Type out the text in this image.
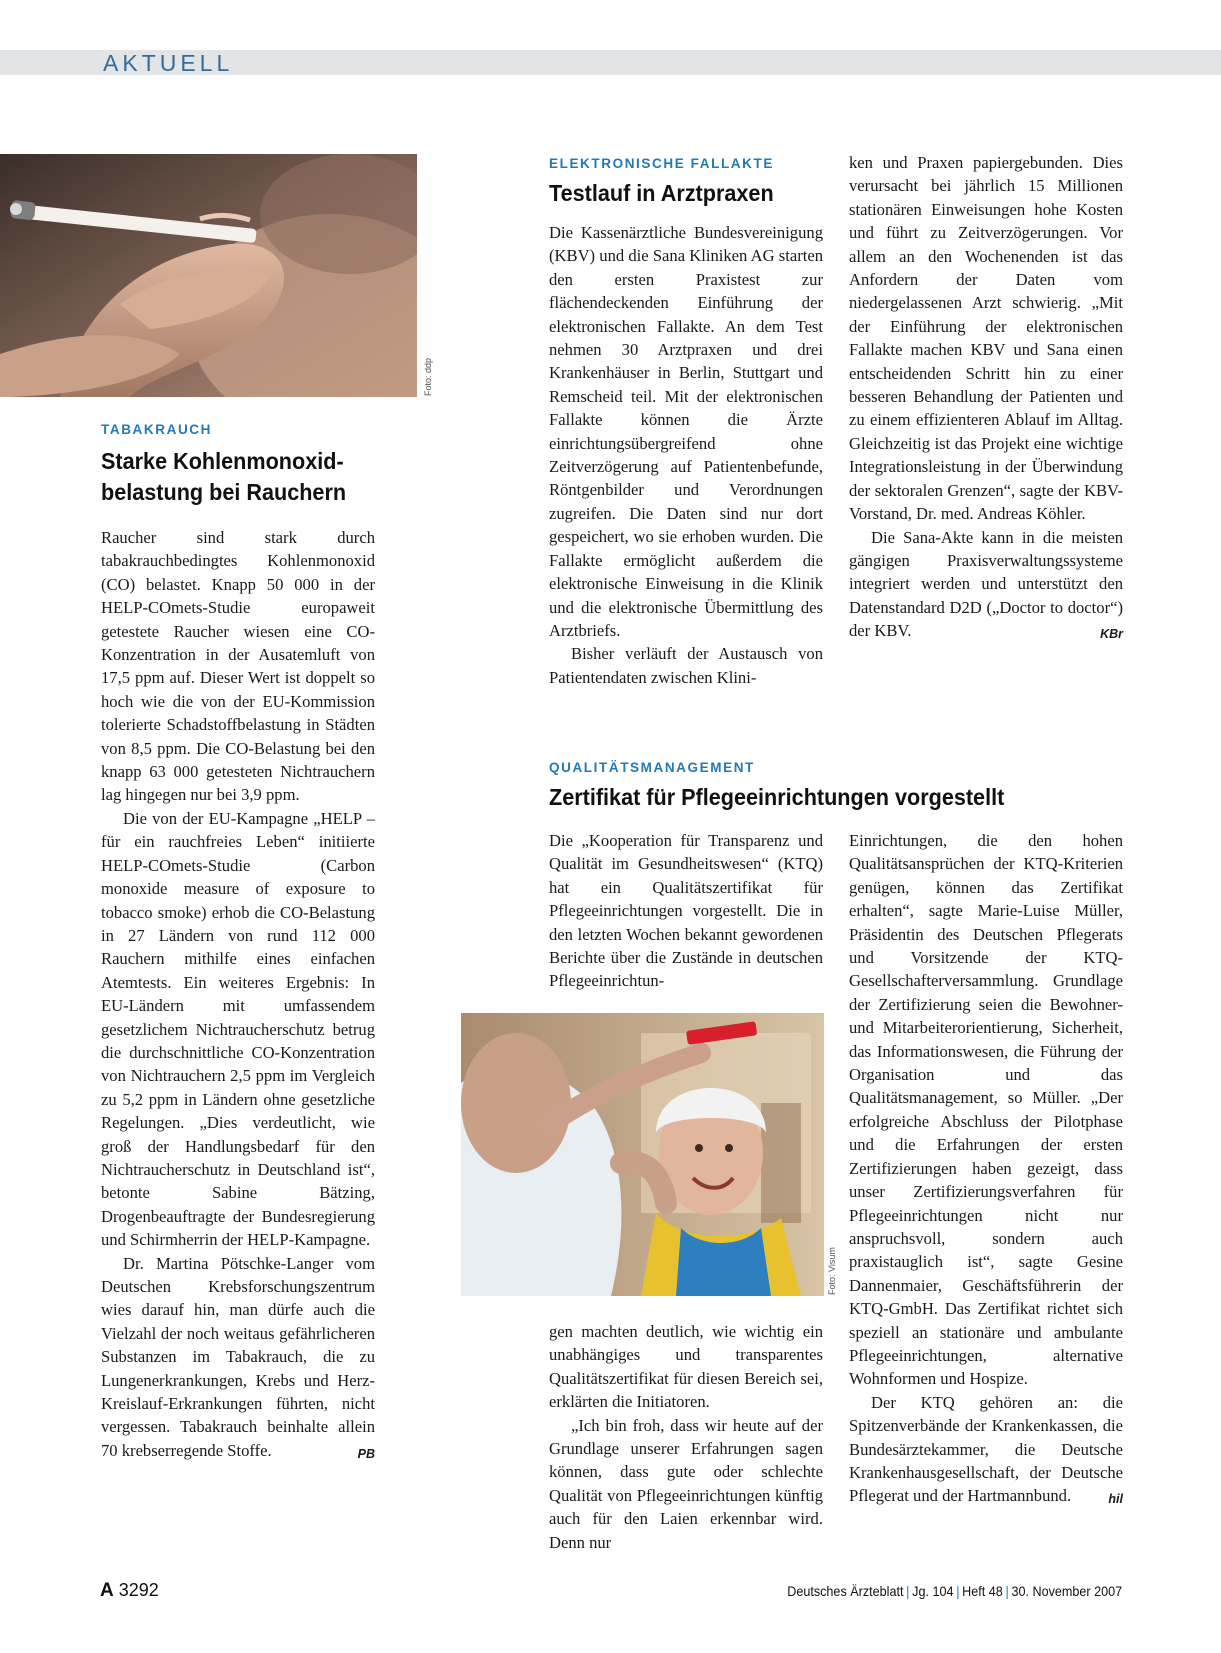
AKTUELL
Foto: ddp
TABAKRAUCH
Starke Kohlenmonoxid-
belastung bei Rauchern

Raucher sind stark durch tabakrauchbedingtes Kohlenmonoxid (CO) belastet. Knapp 50 000 in der HELP-COmets-Studie europaweit getestete Raucher wiesen eine CO-Konzentration in der Ausatemluft von 17,5 ppm auf. Dieser Wert ist doppelt so hoch wie die von der EU-Kommission tolerierte Schadstoffbelastung in Städten von 8,5 ppm. Die CO-Belastung bei den knapp 63 000 getesteten Nichtrauchern lag hingegen nur bei 3,9 ppm.

Die von der EU-Kampagne „HELP – für ein rauchfreies Leben“ initiierte HELP-COmets-Studie (Carbon monoxide measure of exposure to tobacco smoke) erhob die CO-Belastung in 27 Ländern von rund 112 000 Rauchern mithilfe eines einfachen Atemtests. Ein weiteres Ergebnis: In EU-Ländern mit umfassendem gesetzlichem Nichtraucherschutz betrug die durchschnittliche CO-Konzentration von Nichtrauchern 2,5 ppm im Vergleich zu 5,2 ppm in Ländern ohne gesetzliche Regelungen. „Dies verdeutlicht, wie groß der Handlungsbedarf für den Nichtraucherschutz in Deutschland ist“, betonte Sabine Bätzing, Drogenbeauftragte der Bundesregierung und Schirmherrin der HELP-Kampagne.

Dr. Martina Pötschke-Langer vom Deutschen Krebsforschungszentrum wies darauf hin, man dürfe auch die Vielzahl der noch weitaus gefährlicheren Substanzen im Tabakrauch, die zu Lungenerkrankungen, Krebs und Herz-Kreislauf-Erkrankungen führten, nicht vergessen. Tabakrauch beinhalte allein 70 krebserregende Stoffe.	PB

ELEKTRONISCHE FALLAKTE
Testlauf in Arztpraxen

Die Kassenärztliche Bundesvereinigung (KBV) und die Sana Kliniken AG starten den ersten Praxistest zur flächendeckenden Einführung der elektronischen Fallakte. An dem Test nehmen 30 Arztpraxen und drei Krankenhäuser in Berlin, Stuttgart und Remscheid teil. Mit der elektronischen Fallakte können die Ärzte einrichtungsübergreifend ohne Zeitverzögerung auf Patientenbefunde, Röntgenbilder und Verordnungen zugreifen. Die Daten sind nur dort gespeichert, wo sie erhoben wurden. Die Fallakte ermöglicht außerdem die elektronische Einweisung in die Klinik und die elektronische Übermittlung des Arztbriefs.

Bisher verläuft der Austausch von Patientendaten zwischen Klini-

ken und Praxen papiergebunden. Dies verursacht bei jährlich 15 Millionen stationären Einweisungen hohe Kosten und führt zu Zeitverzögerungen. Vor allem an den Wochenenden ist das Anfordern der Daten vom niedergelassenen Arzt schwierig. „Mit der Einführung der elektronischen Fallakte machen KBV und Sana einen entscheidenden Schritt hin zu einer besseren Behandlung der Patienten und zu einem effizienteren Ablauf im Alltag. Gleichzeitig ist das Projekt eine wichtige Integrationsleistung in der Überwindung der sektoralen Grenzen“, sagte der KBV-Vorstand, Dr. med. Andreas Köhler.

Die Sana-Akte kann in die meisten gängigen Praxisverwaltungssysteme integriert werden und unterstützt den Datenstandard D2D („Doctor to doctor“) der KBV.	KBr

QUALITÄTSMANAGEMENT
Zertifikat für Pflegeeinrichtungen vorgestellt

Die „Kooperation für Transparenz und Qualität im Gesundheitswesen“ (KTQ) hat ein Qualitätszertifikat für Pflegeeinrichtungen vorgestellt. Die in den letzten Wochen bekannt gewordenen Berichte über die Zustände in deutschen Pflegeeinrichtun-

Foto: Visum

gen machten deutlich, wie wichtig ein unabhängiges und transparentes Qualitätszertifikat für diesen Bereich sei, erklärten die Initiatoren.

„Ich bin froh, dass wir heute auf der Grundlage unserer Erfahrungen sagen können, dass gute oder schlechte Qualität von Pflegeeinrichtungen künftig auch für den Laien erkennbar wird. Denn nur

Einrichtungen, die den hohen Qualitätsansprüchen der KTQ-Kriterien genügen, können das Zertifikat erhalten“, sagte Marie-Luise Müller, Präsidentin des Deutschen Pflegerats und Vorsitzende der KTQ-Gesellschafterversammlung. Grundlage der Zertifizierung seien die Bewohner- und Mitarbeiterorientierung, Sicherheit, das Informationswesen, die Führung der Organisation und das Qualitätsmanagement, so Müller. „Der erfolgreiche Abschluss der Pilotphase und die Erfahrungen der ersten Zertifizierungen haben gezeigt, dass unser Zertifizierungsverfahren für Pflegeeinrichtungen nicht nur anspruchsvoll, sondern auch praxistauglich ist“, sagte Gesine Dannenmaier, Geschäftsführerin der KTQ-GmbH. Das Zertifikat richtet sich speziell an stationäre und ambulante Pflegeeinrichtungen, alternative Wohnformen und Hospize.

Der KTQ gehören an: die Spitzenverbände der Krankenkassen, die Bundesärztekammer, die Deutsche Krankenhausgesellschaft, der Deutsche Pflegerat und der Hartmannbund.	hil

A 3292	Deutsches Ärzteblatt | Jg. 104 | Heft 48 | 30. November 2007
